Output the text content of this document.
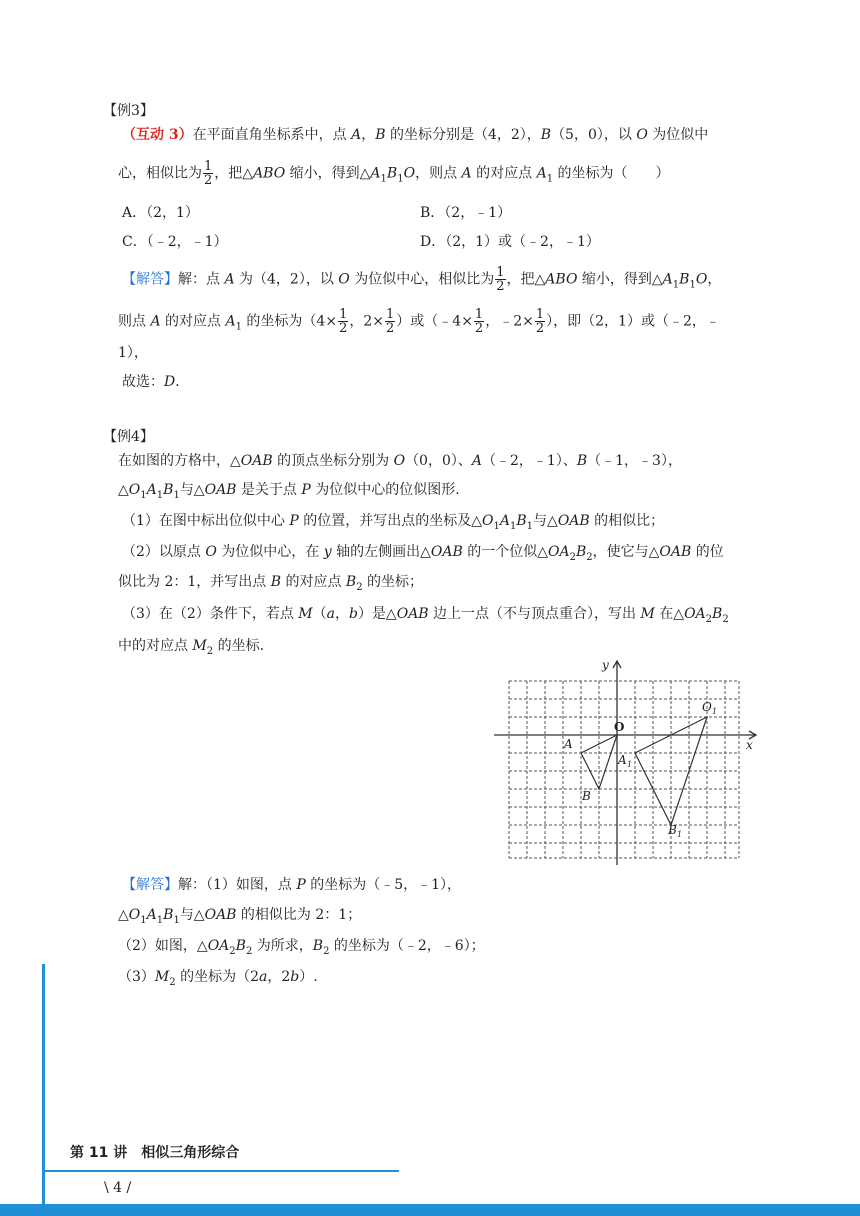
【例3】
（互动 3）在平面直角坐标系中，点 A，B 的坐标分别是（4，2），B（5，0），以 O 为位似中
心，相似比为 $\frac{1}{2}$ ，把△ABO 缩小，得到$\triangle A_1B_1O$，则点 A 的对应点 $A_1$ 的坐标为（　　）
A．（2，1）	B．（2，﹣1）
C．（﹣2，﹣1）	D．（2，1）或（﹣2，﹣1）
【解答】解：点 A 为（4，2），以 O 为位似中心，相似比为 $\frac{1}{2}$ ，把△ABO 缩小，得到$\triangle A_1B_1O$，
则点 A 的对应点 $A_1$ 的坐标为（$4\times \frac{1}{2}$ ，$2\times \frac{1}{2}$ ）或（﹣4× $\frac{1}{2}$ ，﹣2× $\frac{1}{2}$ ），即（2，1）或（﹣2，﹣
1），
故选：D．
【例4】
在如图的方格中，△OAB 的顶点坐标分别为 O（0，0）、A（﹣2，﹣1）、B（﹣1，﹣3），
$\triangle O_1A_1B_1$与△OAB 是关于点 P 为位似中心的位似图形.
（1）在图中标出位似中心 P 的位置，并写出点的坐标及$\triangle O_1A_1B_1$与△OAB 的相似比；
（2）以原点 O 为位似中心，在 y 轴的左侧画出△OAB 的一个位似$\triangle OA_2B_2$，使它与△OAB 的位
似比为 2：1，并写出点 B 的对应点 $B_2$ 的坐标；
（3）在（2）条件下，若点 M（a，b）是△OAB 边上一点（不与顶点重合），写出 M 在$\triangle OA_2B_2$
中的对应点 $M_2$ 的坐标.
y
x
O
A
B
A 1
B 1
O 1
【解答】解：（1）如图，点 P 的坐标为（﹣5，﹣1），
$\triangle O_1A_1B_1$与△OAB 的相似比为 2：1；
（2）如图，$\triangle OA_2B_2$ 为所求，$B_2$ 的坐标为（﹣2，﹣6）；
$(3)M_2$ 的坐标为（2a，2b）.
第 11 讲　相似三角形综合
\ 4 /
